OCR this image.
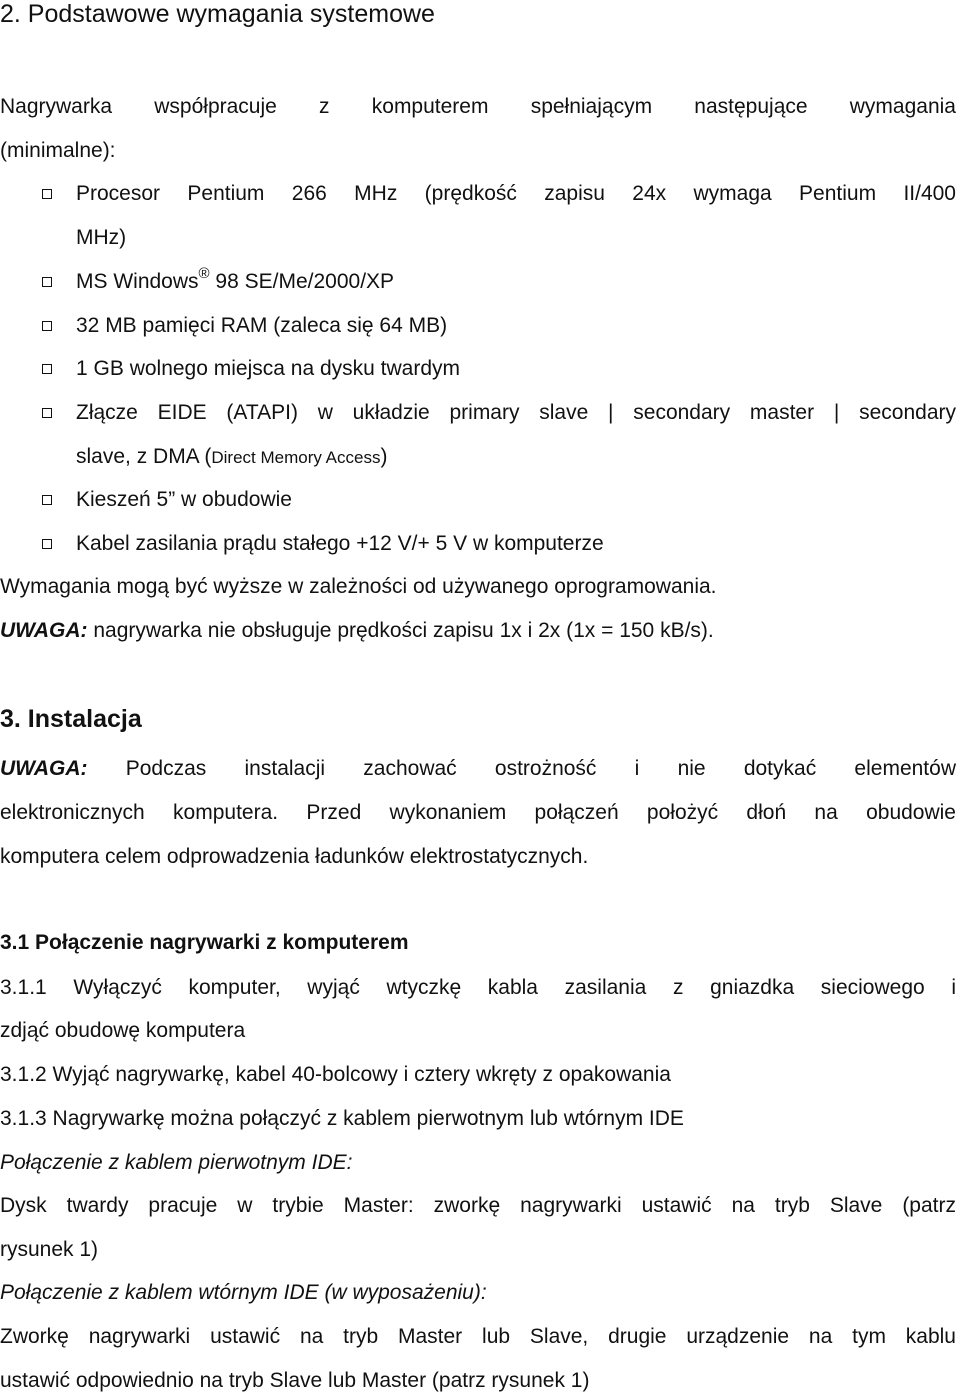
2. Podstawowe wymagania systemowe
Nagrywarka współpracuje z komputerem spełniającym następujące wymagania
(minimalne):
Procesor Pentium 266 MHz (prędkość zapisu 24x wymaga Pentium II/400
MHz)
MS Windows® 98 SE/Me/2000/XP
32 MB pamięci RAM (zaleca się 64 MB)
1 GB wolnego miejsca na dysku twardym
Złącze EIDE (ATAPI) w układzie primary slave | secondary master | secondary
slave, z DMA (Direct Memory Access)
Kieszeń 5” w obudowie
Kabel zasilania prądu stałego +12 V/+ 5 V w komputerze
Wymagania mogą być wyższe w zależności od używanego oprogramowania.
UWAGA: nagrywarka nie obsługuje prędkości zapisu 1x i 2x (1x = 150 kB/s).
3. Instalacja
UWAGA: Podczas instalacji zachować ostrożność i nie dotykać elementów
elektronicznych komputera. Przed wykonaniem połączeń położyć dłoń na obudowie
komputera celem odprowadzenia ładunków elektrostatycznych.
3.1 Połączenie nagrywarki z komputerem
3.1.1 Wyłączyć komputer, wyjąć wtyczkę kabla zasilania z gniazdka sieciowego i
zdjąć obudowę komputera
3.1.2 Wyjąć nagrywarkę, kabel 40-bolcowy i cztery wkręty z opakowania
3.1.3 Nagrywarkę można połączyć z kablem pierwotnym lub wtórnym IDE
Połączenie z kablem pierwotnym IDE:
Dysk twardy pracuje w trybie Master: zworkę nagrywarki ustawić na tryb Slave (patrz
rysunek 1)
Połączenie z kablem wtórnym IDE (w wyposażeniu):
Zworkę nagrywarki ustawić na tryb Master lub Slave, drugie urządzenie na tym kablu
ustawić odpowiednio na tryb Slave lub Master (patrz rysunek 1)
